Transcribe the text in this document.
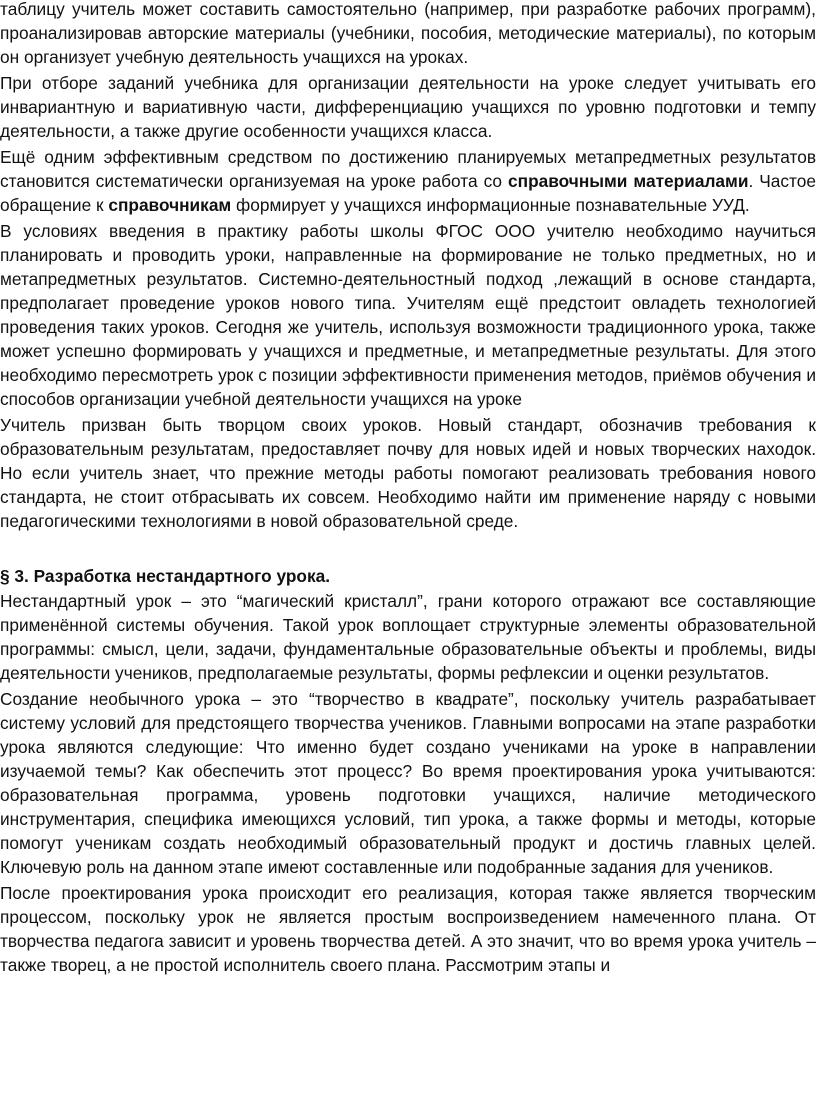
таблицу учитель может составить самостоятельно (например, при разработке рабочих программ), проанализировав авторские материалы (учебники, пособия, методические материалы), по которым он организует учебную деятельность учащихся на уроках.

При отборе заданий учебника для организации деятельности на уроке следует учитывать его инвариантную и вариативную части, дифференциацию учащихся по уровню подготовки и темпу деятельности, а также другие особенности учащихся класса.

Ещё одним эффективным средством по достижению планируемых метапредметных результатов становится систематически организуемая на уроке работа со справочными материалами. Частое обращение к справочникам формирует у учащихся информационные познавательные УУД.

В условиях введения в практику работы школы ФГОС ООО учителю необходимо научиться планировать и проводить уроки, направленные на формирование не только предметных, но и метапредметных результатов. Системно-деятельностный подход ,лежащий в основе стандарта, предполагает проведение уроков нового типа. Учителям ещё предстоит овладеть технологией проведения таких уроков. Сегодня же учитель, используя возможности традиционного урока, также может успешно формировать у учащихся и предметные, и метапредметные результаты. Для этого необходимо пересмотреть урок с позиции эффективности применения методов, приёмов обучения и способов организации учебной деятельности учащихся на уроке

Учитель призван быть творцом своих уроков. Новый стандарт, обозначив требования к образовательным результатам, предоставляет почву для новых идей и новых творческих находок. Но если учитель знает, что прежние методы работы помогают реализовать требования нового стандарта, не стоит отбрасывать их совсем. Необходимо найти им применение наряду с новыми педагогическими технологиями в новой образовательной среде.

§ 3. Разработка нестандартного урока.

Нестандартный урок – это “магический кристалл”, грани которого отражают все составляющие применённой системы обучения. Такой урок воплощает структурные элементы образовательной программы: смысл, цели, задачи, фундаментальные образовательные объекты и проблемы, виды деятельности учеников, предполагаемые результаты, формы рефлексии и оценки результатов.

Создание необычного урока – это “творчество в квадрате”, поскольку учитель разрабатывает систему условий для предстоящего творчества учеников. Главными вопросами на этапе разработки урока являются следующие: Что именно будет создано учениками на уроке в направлении изучаемой темы? Как обеспечить этот процесс? Во время проектирования урока учитываются: образовательная программа, уровень подготовки учащихся, наличие методического инструментария, специфика имеющихся условий, тип урока, а также формы и методы, которые помогут ученикам создать необходимый образовательный продукт и достичь главных целей. Ключевую роль на данном этапе имеют составленные или подобранные задания для учеников.

После проектирования урока происходит его реализация, которая также является творческим процессом, поскольку урок не является простым воспроизведением намеченного плана. От творчества педагога зависит и уровень творчества детей. А это значит, что во время урока учитель – также творец, а не простой исполнитель своего плана. Рассмотрим этапы и
